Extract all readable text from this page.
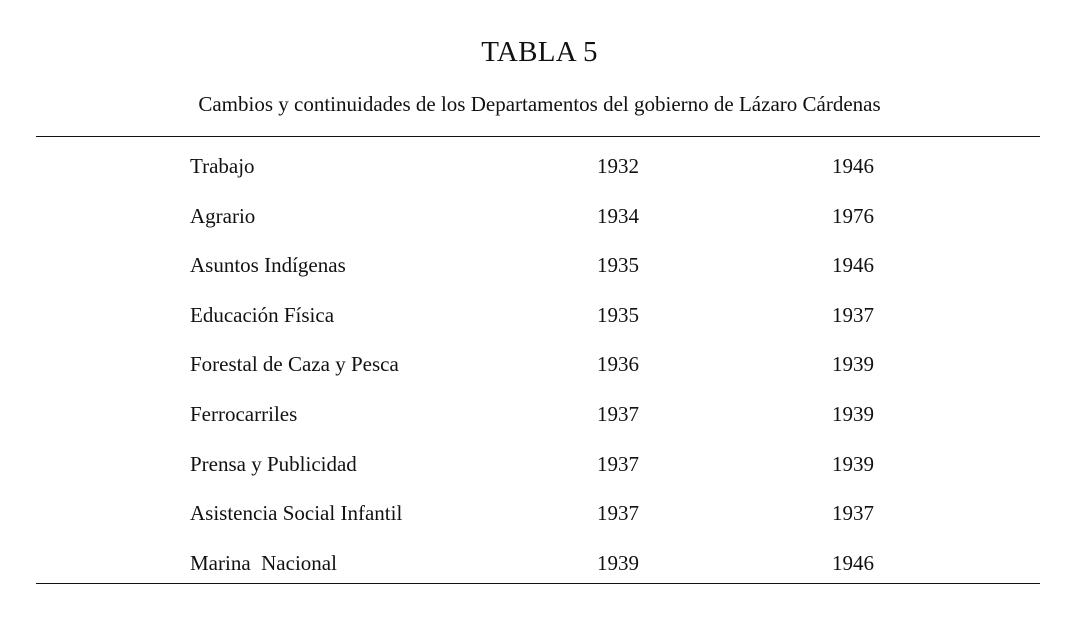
TABLA 5
Cambios y continuidades de los Departamentos del gobierno de Lázaro Cárdenas
Trabajo	1932	1946
Agrario	1934	1976
Asuntos Indígenas	1935	1946
Educación Física	1935	1937
Forestal de Caza y Pesca	1936	1939
Ferrocarriles	1937	1939
Prensa y Publicidad	1937	1939
Asistencia Social Infantil	1937	1937
Marina  Nacional	1939	1946
